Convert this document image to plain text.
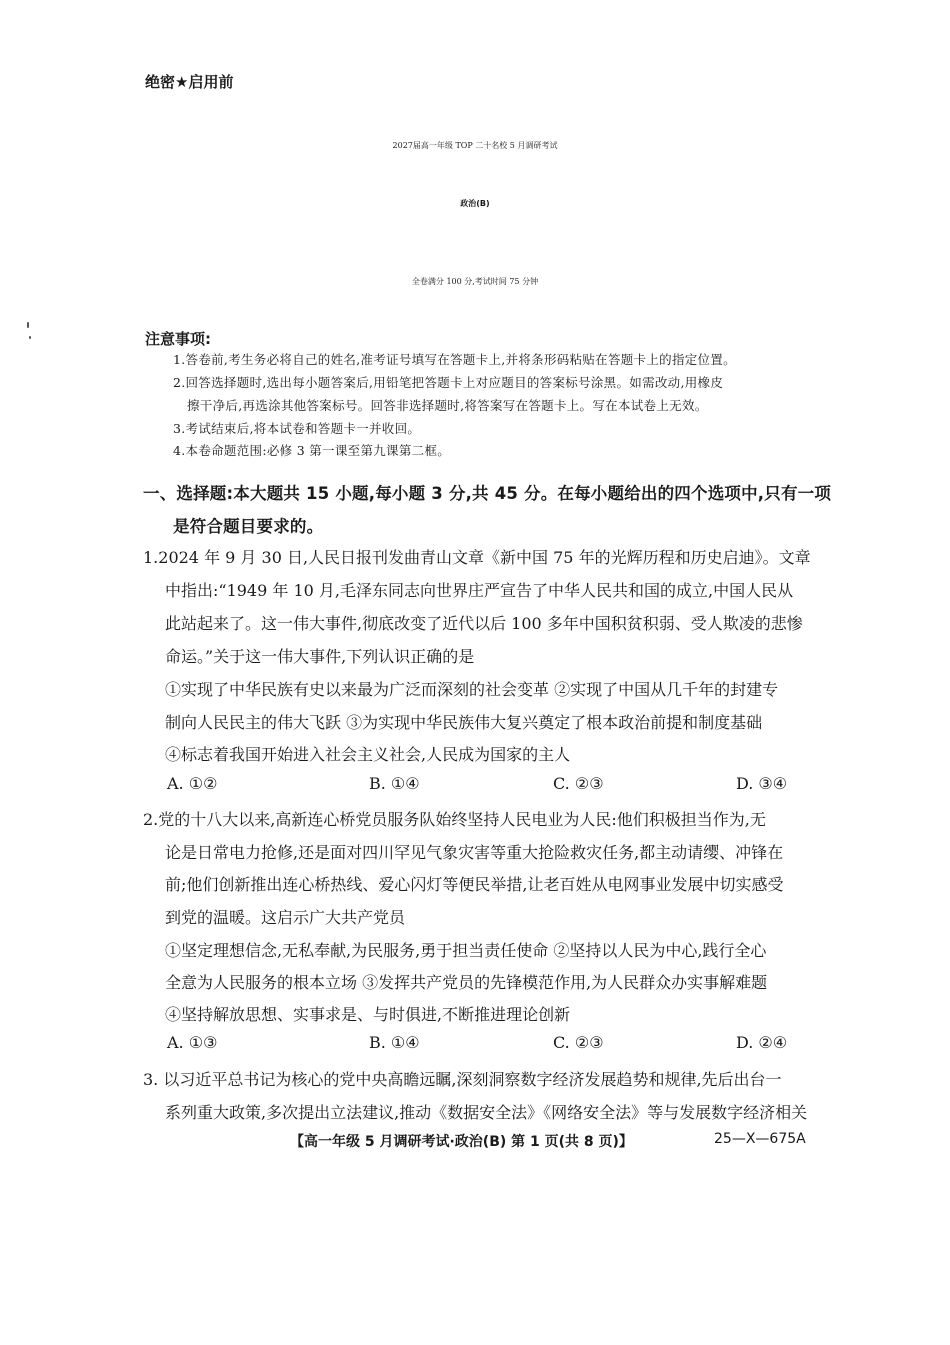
绝密★启用前
2027届高一年级 TOP 二十名校 5 月调研考试
政治(B)
全卷满分 100 分,考试时间 75 分钟
注意事项:
1.答卷前,考生务必将自己的姓名,准考证号填写在答题卡上,并将条形码粘贴在答题卡上的指定位置。
2.回答选择题时,选出每小题答案后,用铅笔把答题卡上对应题目的答案标号涂黑。如需改动,用橡皮
擦干净后,再选涂其他答案标号。回答非选择题时,将答案写在答题卡上。写在本试卷上无效。
3.考试结束后,将本试卷和答题卡一并收回。
4.本卷命题范围:必修 3 第一课至第九课第二框。
一、选择题:本大题共 15 小题,每小题 3 分,共 45 分。在每小题给出的四个选项中,只有一项
是符合题目要求的。
1.2024 年 9 月 30 日,人民日报刊发曲青山文章《新中国 75 年的光辉历程和历史启迪》。文章
中指出:“1949 年 10 月,毛泽东同志向世界庄严宣告了中华人民共和国的成立,中国人民从
此站起来了。这一伟大事件,彻底改变了近代以后 100 多年中国积贫积弱、受人欺凌的悲惨
命运。”关于这一伟大事件,下列认识正确的是
①实现了中华民族有史以来最为广泛而深刻的社会变革 ②实现了中国从几千年的封建专
制向人民民主的伟大飞跃 ③为实现中华民族伟大复兴奠定了根本政治前提和制度基础
④标志着我国开始进入社会主义社会,人民成为国家的主人
A. ①②	B. ①④	C. ②③	D. ③④
2.党的十八大以来,高新连心桥党员服务队始终坚持人民电业为人民:他们积极担当作为,无
论是日常电力抢修,还是面对四川罕见气象灾害等重大抢险救灾任务,都主动请缨、冲锋在
前;他们创新推出连心桥热线、爱心闪灯等便民举措,让老百姓从电网事业发展中切实感受
到党的温暖。这启示广大共产党员
①坚定理想信念,无私奉献,为民服务,勇于担当责任使命 ②坚持以人民为中心,践行全心
全意为人民服务的根本立场 ③发挥共产党员的先锋模范作用,为人民群众办实事解难题
④坚持解放思想、实事求是、与时俱进,不断推进理论创新
A. ①③	B. ①④	C. ②③	D. ②④
3. 以习近平总书记为核心的党中央高瞻远瞩,深刻洞察数字经济发展趋势和规律,先后出台一
系列重大政策,多次提出立法建议,推动《数据安全法》《网络安全法》等与发展数字经济相关
【高一年级 5 月调研考试·政治(B) 第 1 页(共 8 页)】	25—X—675A
